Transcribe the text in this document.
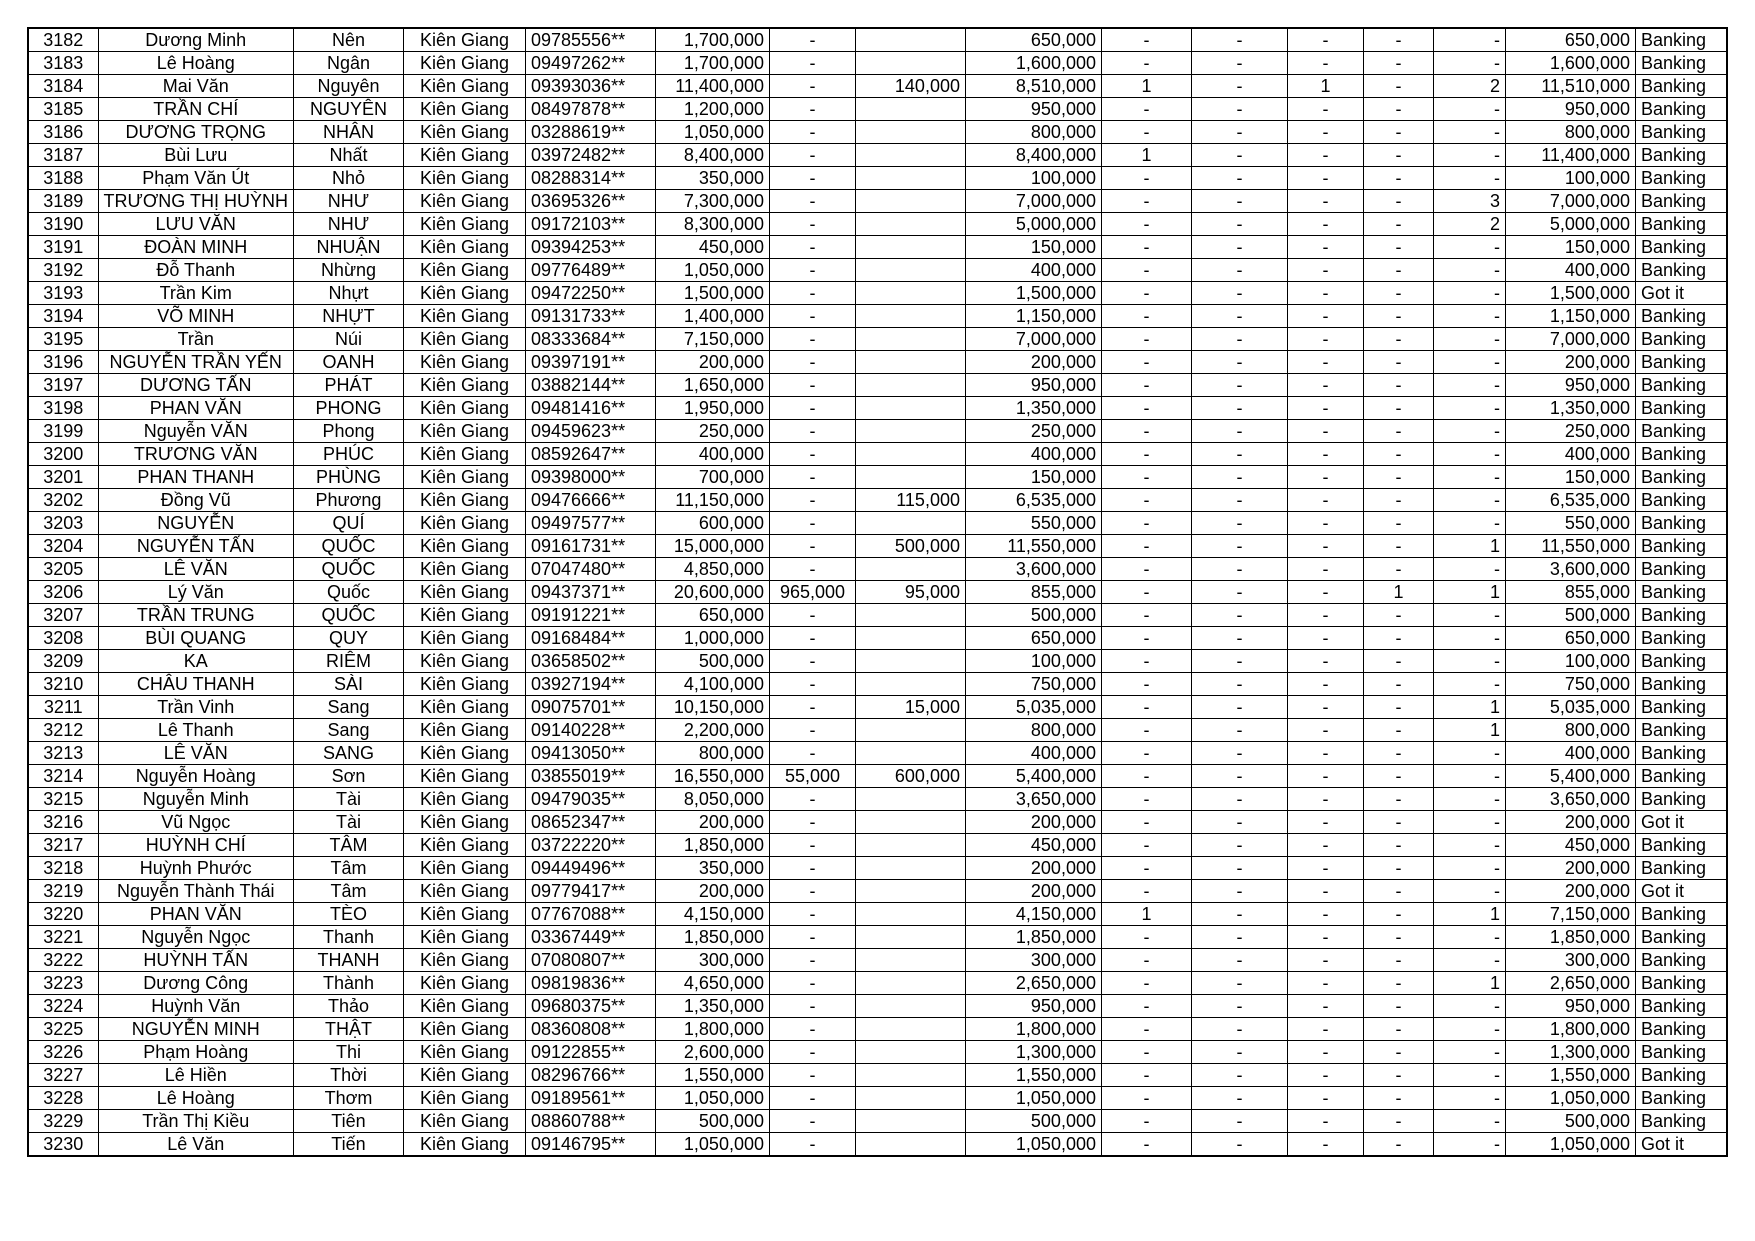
3182	Dương Minh	Nên	Kiên Giang	09785556**	1,700,000	-		650,000	-	-	-	-	-	650,000	Banking
3183	Lê Hoàng	Ngân	Kiên Giang	09497262**	1,700,000	-		1,600,000	-	-	-	-	-	1,600,000	Banking
3184	Mai Văn	Nguyên	Kiên Giang	09393036**	11,400,000	-	140,000	8,510,000	1	-	1	-	2	11,510,000	Banking
3185	TRẦN CHÍ	NGUYÊN	Kiên Giang	08497878**	1,200,000	-		950,000	-	-	-	-	-	950,000	Banking
3186	DƯƠNG TRỌNG	NHÂN	Kiên Giang	03288619**	1,050,000	-		800,000	-	-	-	-	-	800,000	Banking
3187	Bùi Lưu	Nhất	Kiên Giang	03972482**	8,400,000	-		8,400,000	1	-	-	-	-	11,400,000	Banking
3188	Phạm Văn Út	Nhỏ	Kiên Giang	08288314**	350,000	-		100,000	-	-	-	-	-	100,000	Banking
3189	TRƯƠNG THỊ HUỲNH	NHƯ	Kiên Giang	03695326**	7,300,000	-		7,000,000	-	-	-	-	3	7,000,000	Banking
3190	LƯU VĂN	NHƯ	Kiên Giang	09172103**	8,300,000	-		5,000,000	-	-	-	-	2	5,000,000	Banking
3191	ĐOÀN MINH	NHUẬN	Kiên Giang	09394253**	450,000	-		150,000	-	-	-	-	-	150,000	Banking
3192	Đỗ Thanh	Nhừng	Kiên Giang	09776489**	1,050,000	-		400,000	-	-	-	-	-	400,000	Banking
3193	Trần Kim	Nhựt	Kiên Giang	09472250**	1,500,000	-		1,500,000	-	-	-	-	-	1,500,000	Got it
3194	VÕ MINH	NHỰT	Kiên Giang	09131733**	1,400,000	-		1,150,000	-	-	-	-	-	1,150,000	Banking
3195	Trần	Núi	Kiên Giang	08333684**	7,150,000	-		7,000,000	-	-	-	-	-	7,000,000	Banking
3196	NGUYỄN TRẦN YẾN	OANH	Kiên Giang	09397191**	200,000	-		200,000	-	-	-	-	-	200,000	Banking
3197	DƯƠNG TẤN	PHÁT	Kiên Giang	03882144**	1,650,000	-		950,000	-	-	-	-	-	950,000	Banking
3198	PHAN VĂN	PHONG	Kiên Giang	09481416**	1,950,000	-		1,350,000	-	-	-	-	-	1,350,000	Banking
3199	Nguyễn VĂN	Phong	Kiên Giang	09459623**	250,000	-		250,000	-	-	-	-	-	250,000	Banking
3200	TRƯƠNG VĂN	PHÚC	Kiên Giang	08592647**	400,000	-		400,000	-	-	-	-	-	400,000	Banking
3201	PHAN THANH	PHÙNG	Kiên Giang	09398000**	700,000	-		150,000	-	-	-	-	-	150,000	Banking
3202	Đồng Vũ	Phương	Kiên Giang	09476666**	11,150,000	-	115,000	6,535,000	-	-	-	-	-	6,535,000	Banking
3203	NGUYỄN	QUÍ	Kiên Giang	09497577**	600,000	-		550,000	-	-	-	-	-	550,000	Banking
3204	NGUYỄN TẤN	QUỐC	Kiên Giang	09161731**	15,000,000	-	500,000	11,550,000	-	-	-	-	1	11,550,000	Banking
3205	LÊ VĂN	QUỐC	Kiên Giang	07047480**	4,850,000	-		3,600,000	-	-	-	-	-	3,600,000	Banking
3206	Lý Văn	Quốc	Kiên Giang	09437371**	20,600,000	965,000	95,000	855,000	-	-	-	1	1	855,000	Banking
3207	TRẦN TRUNG	QUỐC	Kiên Giang	09191221**	650,000	-		500,000	-	-	-	-	-	500,000	Banking
3208	BÙI QUANG	QUY	Kiên Giang	09168484**	1,000,000	-		650,000	-	-	-	-	-	650,000	Banking
3209	KA	RIÊM	Kiên Giang	03658502**	500,000	-		100,000	-	-	-	-	-	100,000	Banking
3210	CHÂU THANH	SÀI	Kiên Giang	03927194**	4,100,000	-		750,000	-	-	-	-	-	750,000	Banking
3211	Trần Vinh	Sang	Kiên Giang	09075701**	10,150,000	-	15,000	5,035,000	-	-	-	-	1	5,035,000	Banking
3212	Lê Thanh	Sang	Kiên Giang	09140228**	2,200,000	-		800,000	-	-	-	-	1	800,000	Banking
3213	LÊ VĂN	SANG	Kiên Giang	09413050**	800,000	-		400,000	-	-	-	-	-	400,000	Banking
3214	Nguyễn Hoàng	Sơn	Kiên Giang	03855019**	16,550,000	55,000	600,000	5,400,000	-	-	-	-	-	5,400,000	Banking
3215	Nguyễn Minh	Tài	Kiên Giang	09479035**	8,050,000	-		3,650,000	-	-	-	-	-	3,650,000	Banking
3216	Vũ Ngọc	Tài	Kiên Giang	08652347**	200,000	-		200,000	-	-	-	-	-	200,000	Got it
3217	HUỲNH CHÍ	TÂM	Kiên Giang	03722220**	1,850,000	-		450,000	-	-	-	-	-	450,000	Banking
3218	Huỳnh Phước	Tâm	Kiên Giang	09449496**	350,000	-		200,000	-	-	-	-	-	200,000	Banking
3219	Nguyễn Thành Thái	Tâm	Kiên Giang	09779417**	200,000	-		200,000	-	-	-	-	-	200,000	Got it
3220	PHAN VĂN	TÈO	Kiên Giang	07767088**	4,150,000	-		4,150,000	1	-	-	-	1	7,150,000	Banking
3221	Nguyễn Ngọc	Thanh	Kiên Giang	03367449**	1,850,000	-		1,850,000	-	-	-	-	-	1,850,000	Banking
3222	HUỲNH TẤN	THANH	Kiên Giang	07080807**	300,000	-		300,000	-	-	-	-	-	300,000	Banking
3223	Dương Công	Thành	Kiên Giang	09819836**	4,650,000	-		2,650,000	-	-	-	-	1	2,650,000	Banking
3224	Huỳnh Văn	Thảo	Kiên Giang	09680375**	1,350,000	-		950,000	-	-	-	-	-	950,000	Banking
3225	NGUYỄN MINH	THẬT	Kiên Giang	08360808**	1,800,000	-		1,800,000	-	-	-	-	-	1,800,000	Banking
3226	Phạm Hoàng	Thi	Kiên Giang	09122855**	2,600,000	-		1,300,000	-	-	-	-	-	1,300,000	Banking
3227	Lê Hiền	Thời	Kiên Giang	08296766**	1,550,000	-		1,550,000	-	-	-	-	-	1,550,000	Banking
3228	Lê Hoàng	Thơm	Kiên Giang	09189561**	1,050,000	-		1,050,000	-	-	-	-	-	1,050,000	Banking
3229	Trần Thị Kiều	Tiên	Kiên Giang	08860788**	500,000	-		500,000	-	-	-	-	-	500,000	Banking
3230	Lê Văn	Tiến	Kiên Giang	09146795**	1,050,000	-		1,050,000	-	-	-	-	-	1,050,000	Got it
